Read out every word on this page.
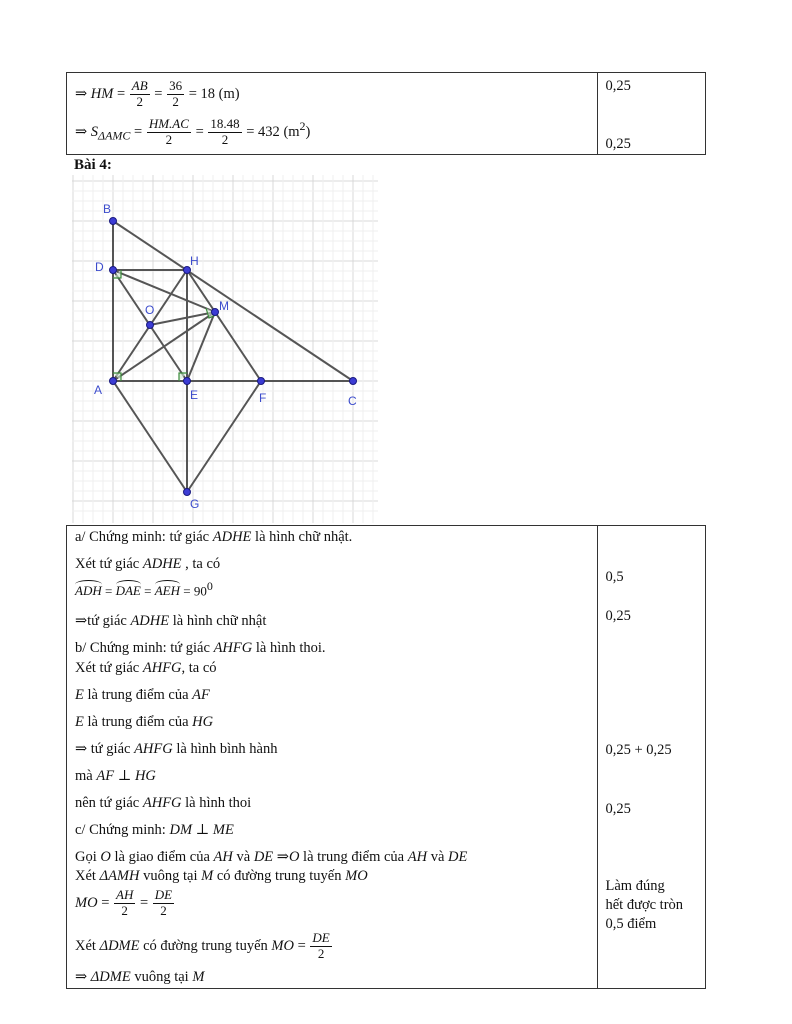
⇒ HM = $\frac{AB}{2} = \frac{36}{2} = 18$ (m)
⇒ $S_{\Delta AMC} = \frac{HM.AC}{2} = \frac{18.48}{2} = 432$ $(m^2)$

0,25
0,25
Bài 4:
B
D	H
O	M
A	E	F	C
G
a/ Chứng minh: tứ giác ADHE là hình chữ nhật.
Xét tứ giác ADHE , ta có
ADH = DAE = AEH = $90^0$
⇒tứ giác ADHE là hình chữ nhật
b/ Chứng minh: tứ giác AHFG là hình thoi.
Xét tứ giác AHFG, ta có
E là trung điểm của AF
E là trung điểm của HG
⇒ tứ giác AHFG là hình bình hành
mà AF ⊥ HG
nên tứ giác AHFG là hình thoi
c/ Chứng minh: DM ⊥ ME
Gọi O là giao điểm của AH và DE ⇒O là trung điểm của AH và DE
Xét ΔAMH vuông tại M có đường trung tuyến MO
MO = $\frac{AH}{2} = \frac{DE}{2}$
Xét ΔDME có đường trung tuyến MO = $\frac{DE}{2}$
⇒ ΔDME vuông tại M

0,5
0,25
0,25 + 0,25
0,25
Làm đúng
hết được tròn
0,5 điểm
